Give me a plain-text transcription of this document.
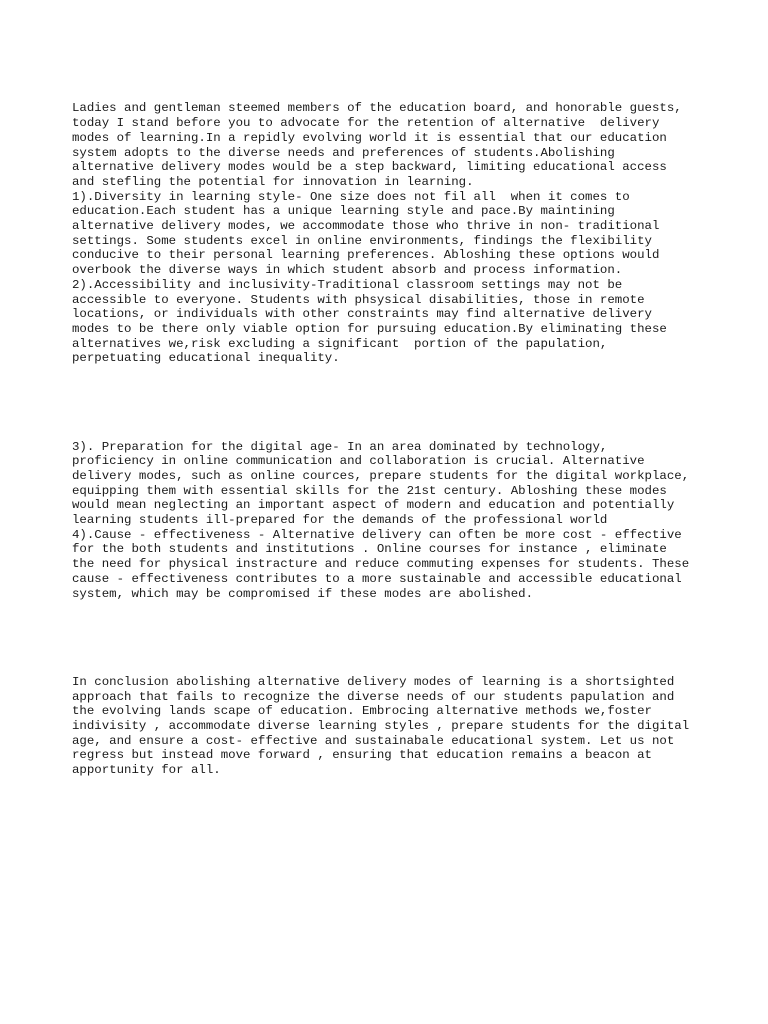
Ladies and gentleman steemed members of the education board, and honorable guests,
today I stand before you to advocate for the retention of alternative  delivery
modes of learning.In a repidly evolving world it is essential that our education
system adopts to the diverse needs and preferences of students.Abolishing
alternative delivery modes would be a step backward, limiting educational access
and stefling the potential for innovation in learning.
1).Diversity in learning style- One size does not fil all  when it comes to
education.Each student has a unique learning style and pace.By maintining
alternative delivery modes, we accommodate those who thrive in non- traditional
settings. Some students excel in online environments, findings the flexibility
conducive to their personal learning preferences. Abloshing these options would
overbook the diverse ways in which student absorb and process information.
2).Accessibility and inclusivity-Traditional classroom settings may not be
accessible to everyone. Students with phsysical disabilities, those in remote
locations, or individuals with other constraints may find alternative delivery
modes to be there only viable option for pursuing education.By eliminating these
alternatives we,risk excluding a significant  portion of the papulation,
perpetuating educational inequality.

3). Preparation for the digital age- In an area dominated by technology,
proficiency in online communication and collaboration is crucial. Alternative
delivery modes, such as online cources, prepare students for the digital workplace,
equipping them with essential skills for the 21st century. Abloshing these modes
would mean neglecting an important aspect of modern and education and potentially
learning students ill-prepared for the demands of the professional world
4).Cause - effectiveness - Alternative delivery can often be more cost - effective
for the both students and institutions . Online courses for instance , eliminate
the need for physical instracture and reduce commuting expenses for students. These
cause - effectiveness contributes to a more sustainable and accessible educational
system, which may be compromised if these modes are abolished.

In conclusion abolishing alternative delivery modes of learning is a shortsighted
approach that fails to recognize the diverse needs of our students papulation and
the evolving lands scape of education. Embrocing alternative methods we,foster
indivisity , accommodate diverse learning styles , prepare students for the digital
age, and ensure a cost- effective and sustainabale educational system. Let us not
regress but instead move forward , ensuring that education remains a beacon at
apportunity for all.
